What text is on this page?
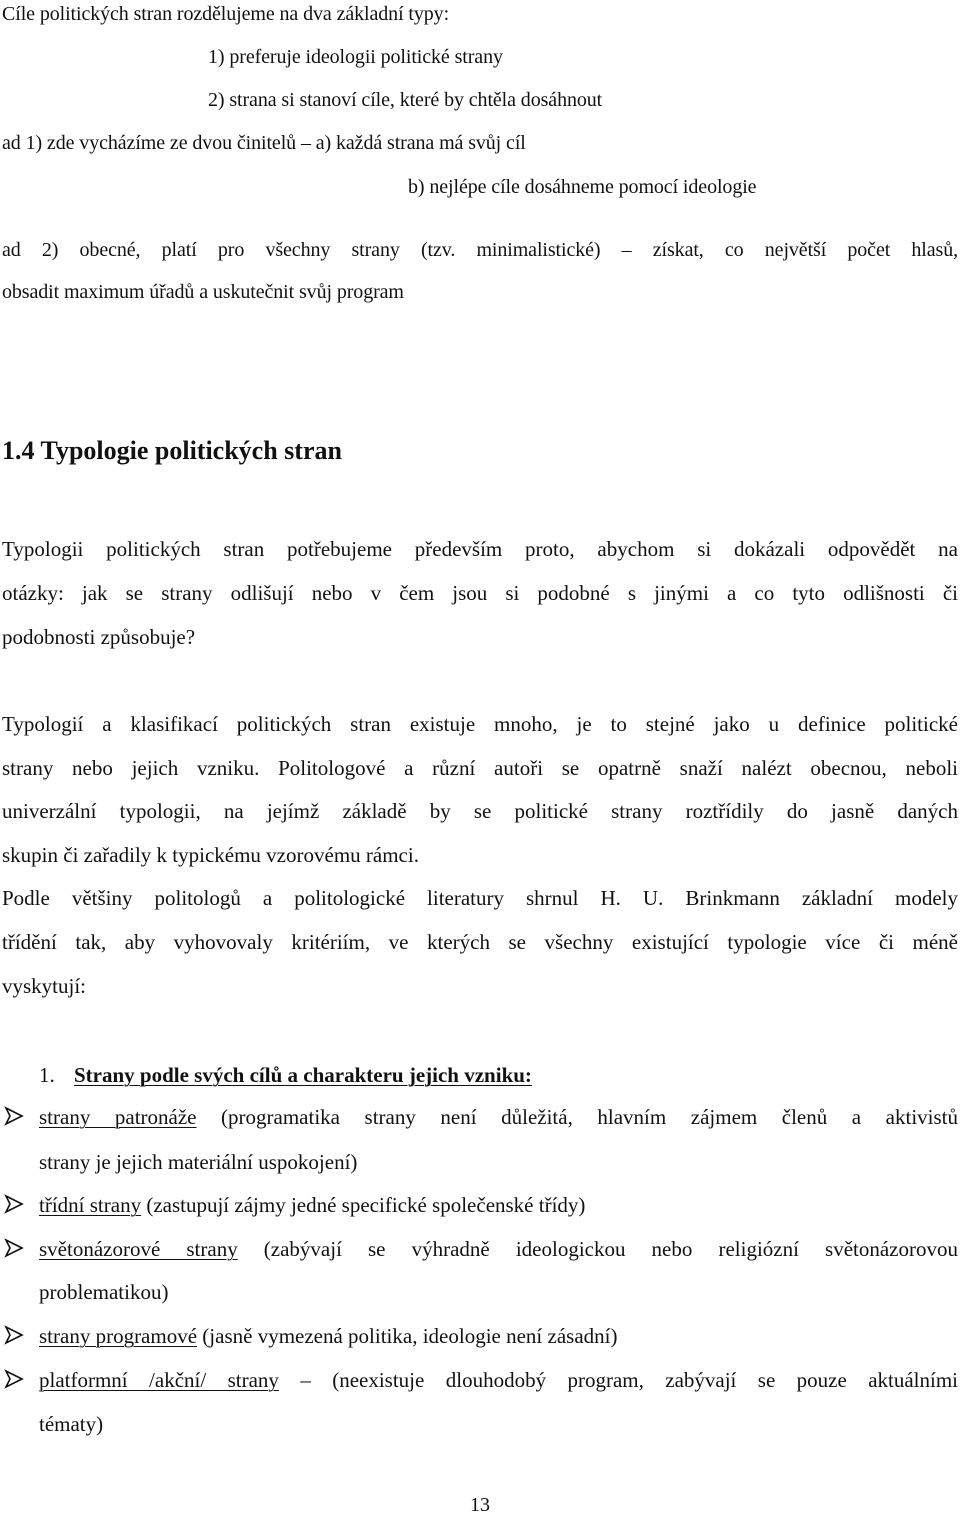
Cíle politických stran rozdělujeme na dva základní typy:
1) preferuje ideologii politické strany
2) strana si stanoví cíle, které by chtěla dosáhnout
ad 1) zde vycházíme ze dvou činitelů – a) každá strana má svůj cíl
b) nejlépe cíle dosáhneme pomocí ideologie
ad 2) obecné, platí pro všechny strany (tzv. minimalistické) – získat, co největší počet hlasů,
obsadit maximum úřadů a uskutečnit svůj program
1.4 Typologie politických stran
Typologii politických stran potřebujeme především proto, abychom si dokázali odpovědět na
otázky: jak se strany odlišují nebo v čem jsou si podobné s jinými a co tyto odlišnosti či
podobnosti způsobuje?
Typologií a klasifikací politických stran existuje mnoho, je to stejné jako u definice politické
strany nebo jejich vzniku. Politologové a různí autoři se opatrně snaží nalézt obecnou, neboli
univerzální typologii, na jejímž základě by se politické strany roztřídily do jasně daných
skupin či zařadily k typickému vzorovému rámci.
Podle většiny politologů a politologické literatury shrnul H. U. Brinkmann základní modely
třídění tak, aby vyhovovaly kritériím, ve kterých se všechny existující typologie více či méně
vyskytují:
1. Strany podle svých cílů a charakteru jejich vzniku:
strany patronáže (programatika strany není důležitá, hlavním zájmem členů a aktivistů
strany je jejich materiální uspokojení)
třídní strany (zastupují zájmy jedné specifické společenské třídy)
světonázorové strany (zabývají se výhradně ideologickou nebo religiózní světonázorovou
problematikou)
strany programové (jasně vymezená politika, ideologie není zásadní)
platformní /akční/ strany – (neexistuje dlouhodobý program, zabývají se pouze aktuálními
tématy)
13
